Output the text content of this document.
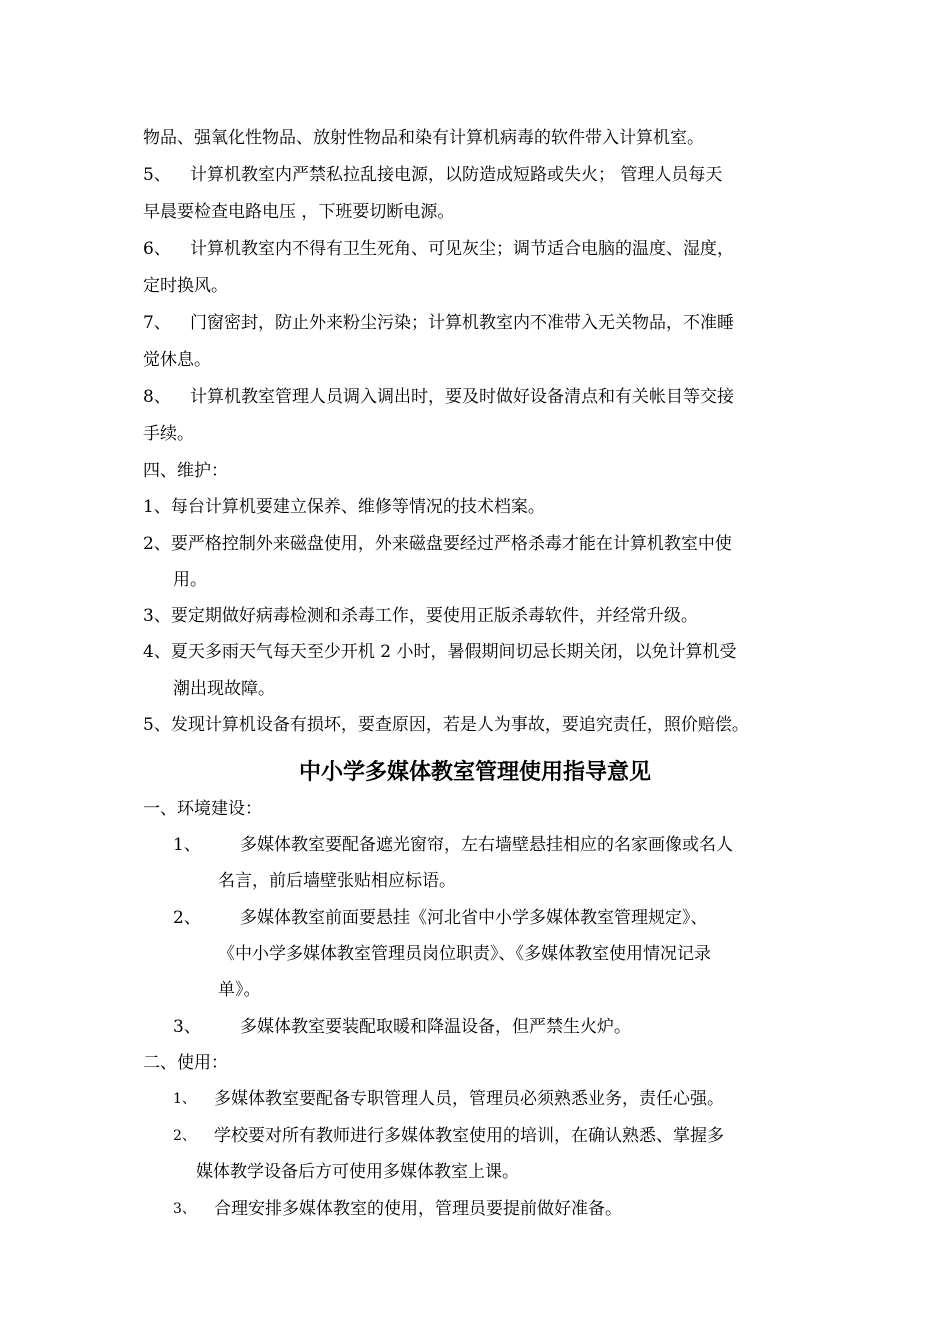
物品、强氧化性物品、放射性物品和染有计算机病毒的软件带入计算机室。
5、 计算机教室内严禁私拉乱接电源，以防造成短路或失火； 管理人员每天
早晨要检查电路电压 ，下班要切断电源。
6、 计算机教室内不得有卫生死角、可见灰尘；调节适合电脑的温度、湿度，
定时换风。
7、 门窗密封，防止外来粉尘污染；计算机教室内不准带入无关物品，不准睡
觉休息。
8、 计算机教室管理人员调入调出时，要及时做好设备清点和有关帐目等交接
手续。
四、维护：
1、每台计算机要建立保养、维修等情况的技术档案。
2、要严格控制外来磁盘使用，外来磁盘要经过严格杀毒才能在计算机教室中使
用。
3、要定期做好病毒检测和杀毒工作，要使用正版杀毒软件，并经常升级。
4、夏天多雨天气每天至少开机 2 小时，暑假期间切忌长期关闭，以免计算机受
潮出现故障。
5、发现计算机设备有损坏，要查原因，若是人为事故，要追究责任，照价赔偿。
中小学多媒体教室管理使用指导意见
一、环境建设：
1、 多媒体教室要配备遮光窗帘，左右墙壁悬挂相应的名家画像或名人
名言，前后墙壁张贴相应标语。
2、 多媒体教室前面要悬挂《河北省中小学多媒体教室管理规定》、
《中小学多媒体教室管理员岗位职责》、《多媒体教室使用情况记录
单》。
3、 多媒体教室要装配取暖和降温设备，但严禁生火炉。
二、使用：
1、 多媒体教室要配备专职管理人员，管理员必须熟悉业务，责任心强。
2、 学校要对所有教师进行多媒体教室使用的培训，在确认熟悉、掌握多
媒体教学设备后方可使用多媒体教室上课。
3、 合理安排多媒体教室的使用，管理员要提前做好准备。
